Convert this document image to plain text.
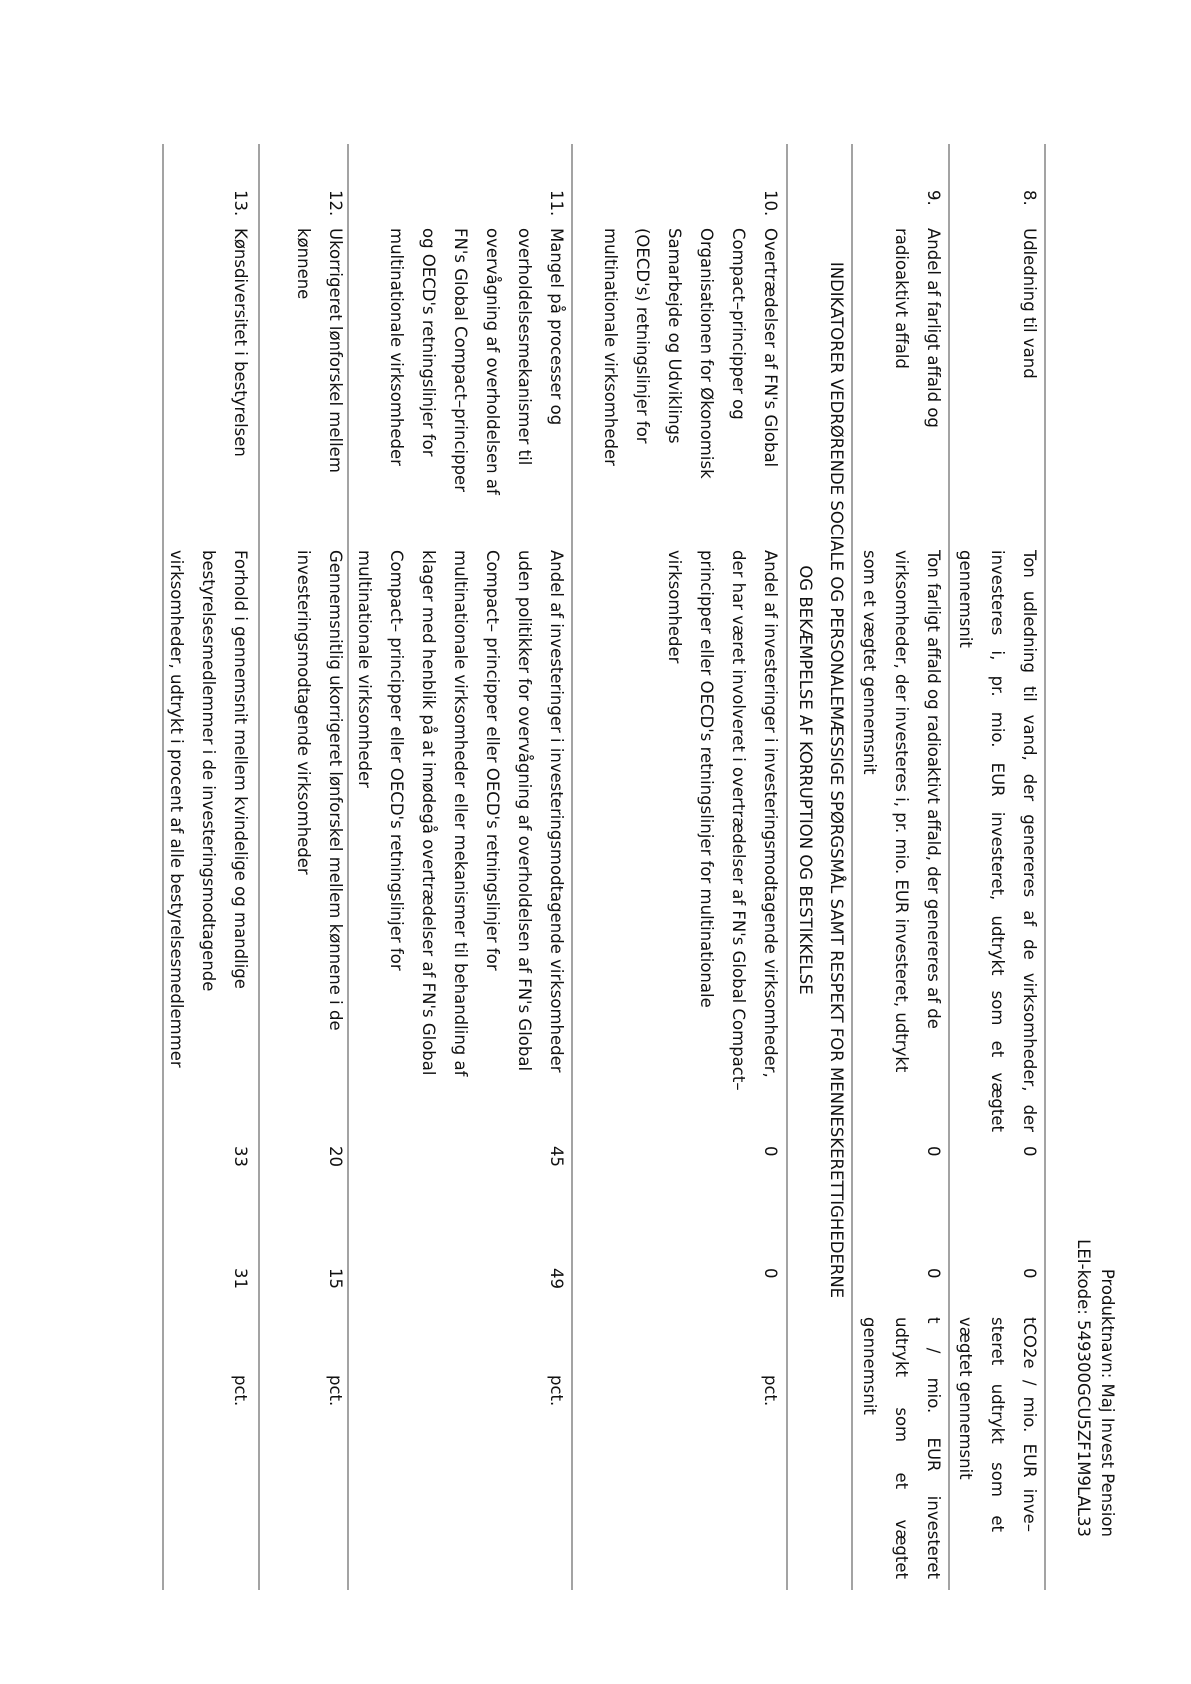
Produktnavn: Maj Invest Pension
LEI-kode: 549300GCU5ZF1M9LAL33
8.
Udledning til vand
Ton udledning til vand, der genereres af de virksomheder, der
investeres i, pr. mio. EUR investeret, udtrykt som et vægtet
gennemsnit
0
0
tCO2e / mio. EUR inve–
steret udtrykt som et
vægtet gennemsnit
9.
Andel af farligt affald og
radioaktivt affald
Ton farligt affald og radioaktivt affald, der genereres af de
virksomheder, der investeres i, pr. mio. EUR investeret, udtrykt
som et vægtet gennemsnit
0
0
t / mio. EUR investeret
udtrykt som et vægtet
gennemsnit
INDIKATORER VEDRØRENDE SOCIALE OG PERSONALEMÆSSIGE SPØRGSMÅL SAMT RESPEKT FOR MENNESKERETTIGHEDERNE
OG BEKÆMPELSE AF KORRUPTION OG BESTIKKELSE
10.
Overtrædelser af FN's Global
Compact–principper og
Organisationen for Økonomisk
Samarbejde og Udviklings
(OECD's) retningslinjer for
multinationale virksomheder
Andel af investeringer i investeringsmodtagende virksomheder,
der har været involveret i overtrædelser af FN's Global Compact–
principper eller OECD's retningslinjer for multinationale
virksomheder
0
0
pct.
11.
Mangel på processer og
overholdelsesmekanismer til
overvågning af overholdelsen af
FN's Global Compact–principper
og OECD's retningslinjer for
multinationale virksomheder
Andel af investeringer i investeringsmodtagende virksomheder
uden politikker for overvågning af overholdelsen af FN's Global
Compact– principper eller OECD's retningslinjer for
multinationale virksomheder eller mekanismer til behandling af
klager med henblik på at imødegå overtrædelser af FN's Global
Compact– principper eller OECD's retningslinjer for
multinationale virksomheder
45
49
pct.
12.
Ukorrigeret lønforskel mellem
kønnene
Gennemsnitlig ukorrigeret lønforskel mellem kønnene i de
investeringsmodtagende virksomheder
20
15
pct.
13.
Kønsdiversitet i bestyrelsen
Forhold i gennemsnit mellem kvindelige og mandlige
bestyrelsesmedlemmer i de investeringsmodtagende
virksomheder, udtrykt i procent af alle bestyrelsesmedlemmer
33
31
pct.
